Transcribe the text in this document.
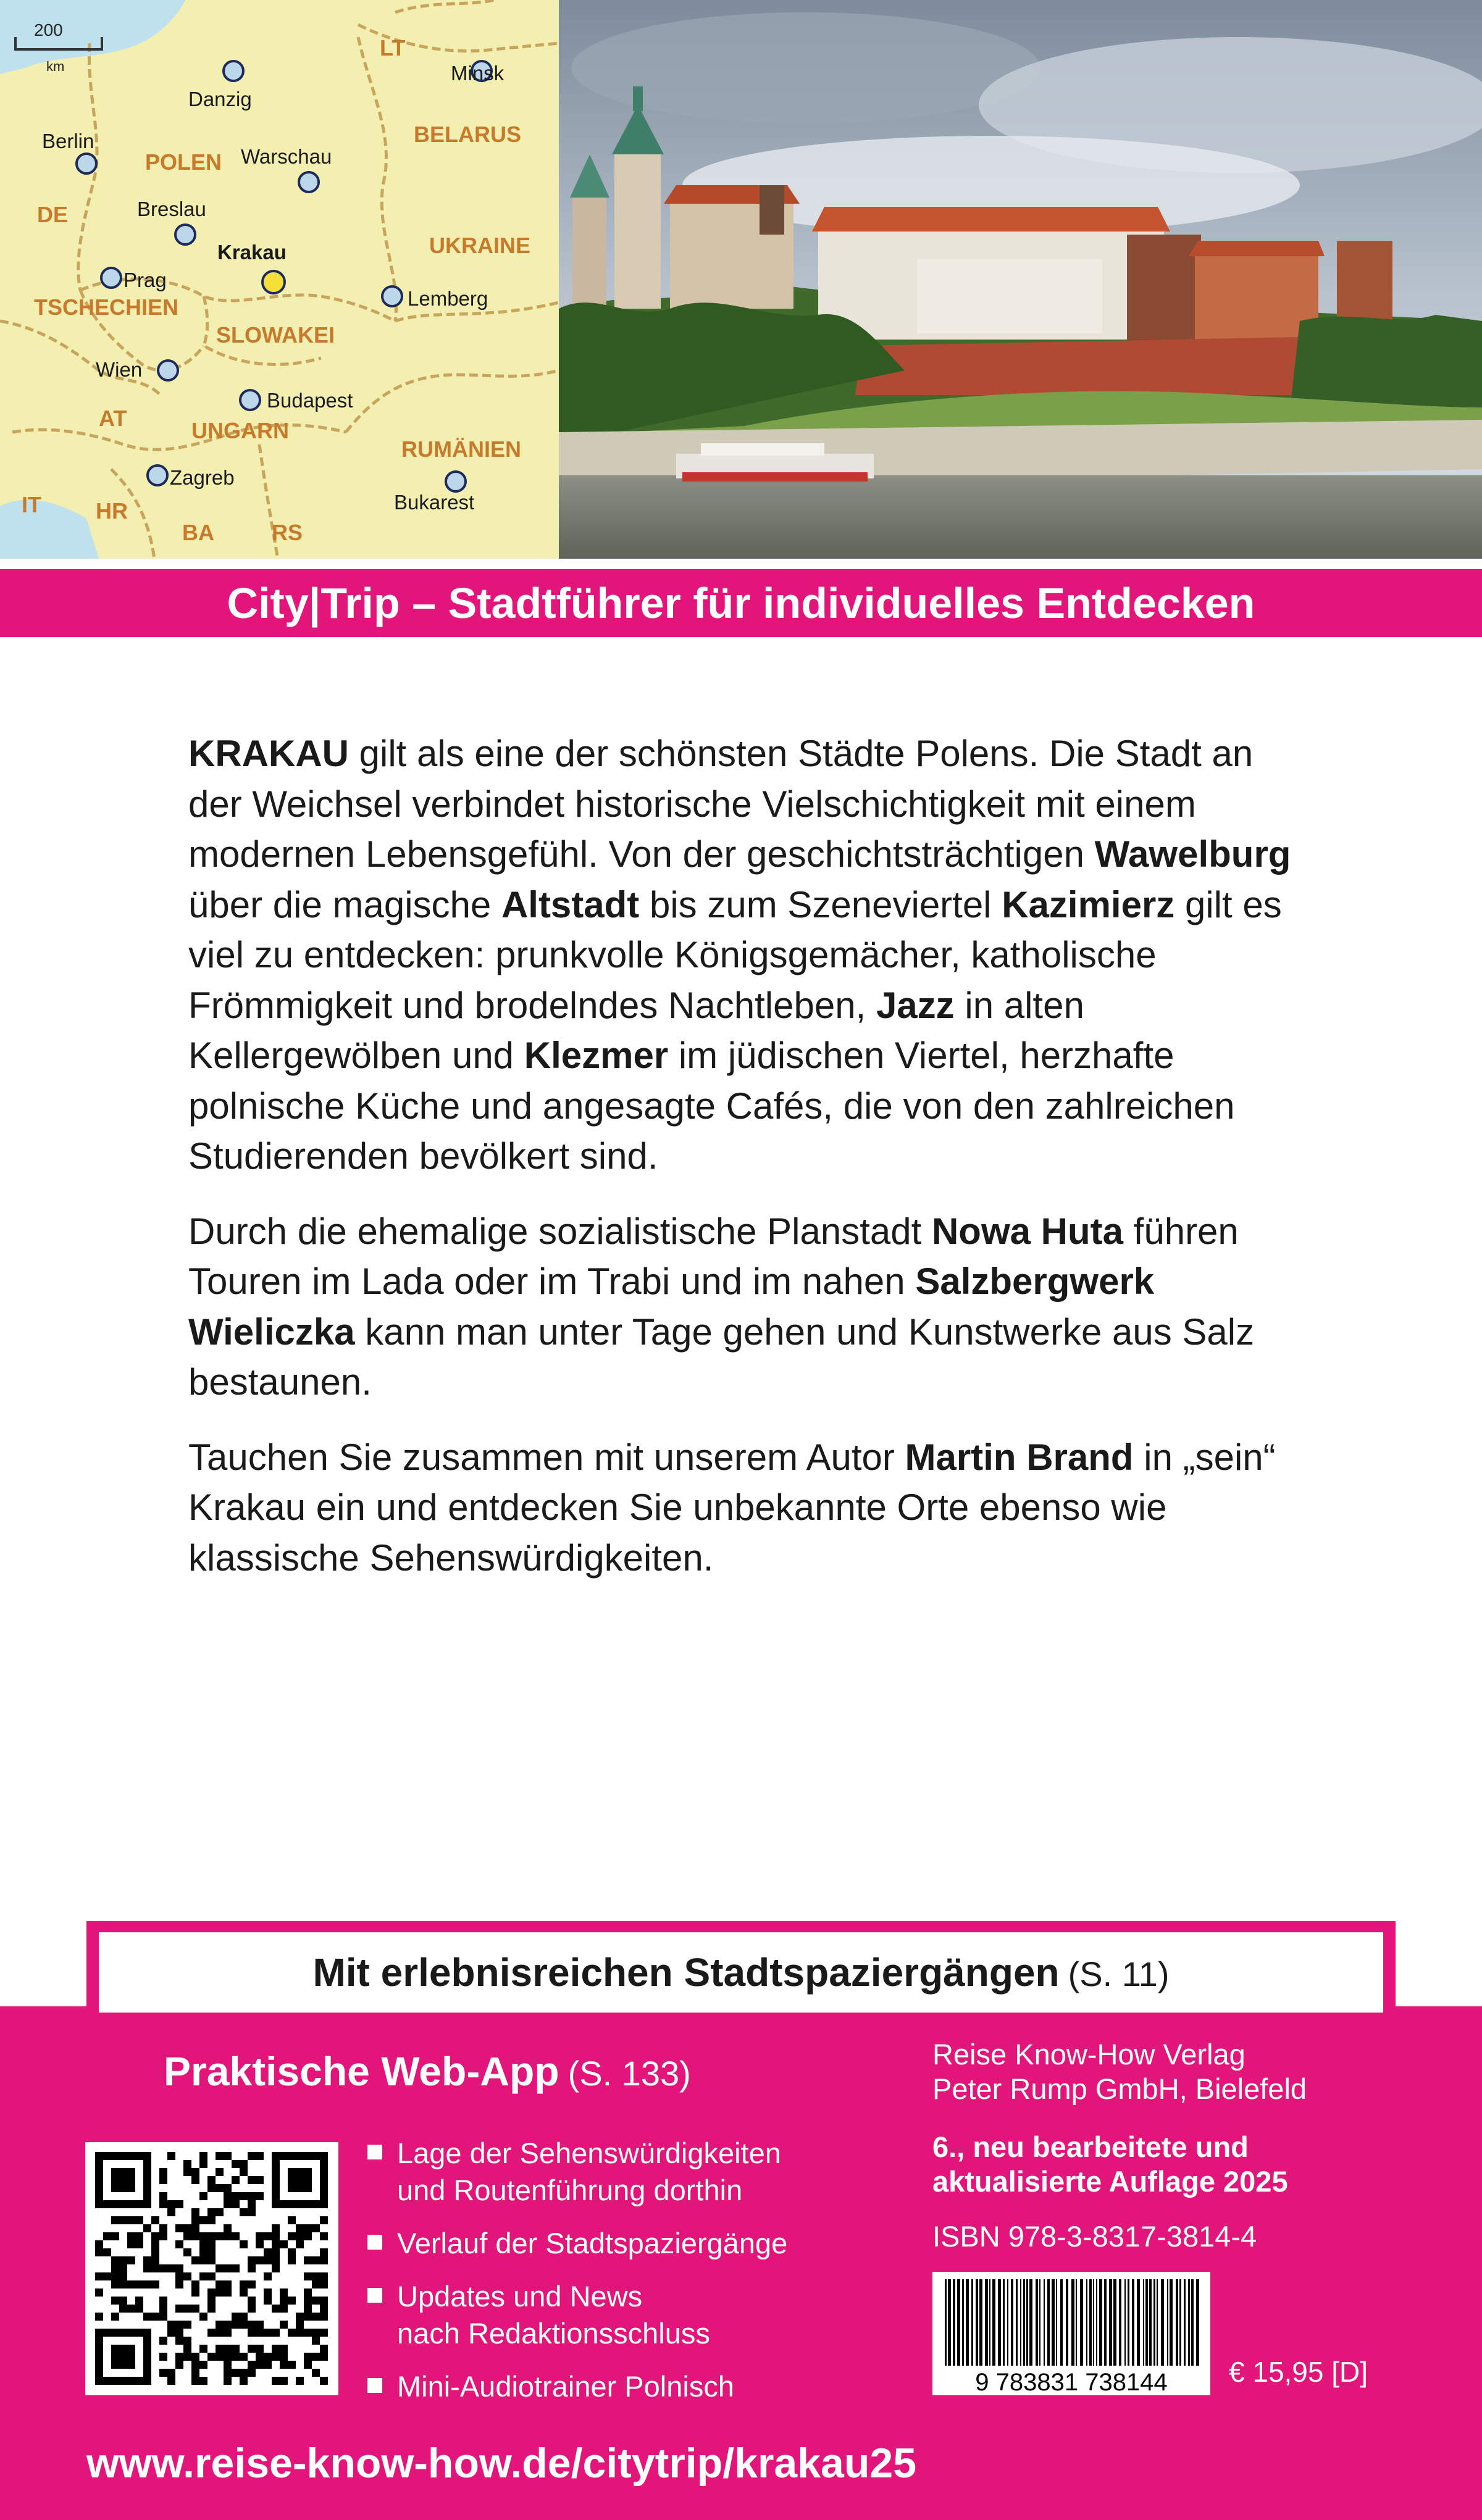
200
km
LT
BELARUS
POLEN
DE
UKRAINE
TSCHECHIEN
SLOWAKEI
AT	UNGARN
RUMÄNIEN
IT HR
BA	RS
Danzig
Minsk
Berlin
Warschau
Breslau
Krakau
Prag
Lemberg
Wien
Budapest
Zagreb
Bukarest
City|Trip – Stadtführer für individuelles Entdecken

KRAKAU gilt als eine der schönsten Städte Polens. Die Stadt an der Weichsel verbindet historische Vielschichtigkeit mit einem modernen Lebensgefühl. Von der geschichtsträchtigen Wawelburg über die magische Altstadt bis zum Szeneviertel Kazimierz gilt es viel zu entdecken: prunkvolle Königsgemächer, katholische Frömmigkeit und brodelndes Nachtleben, Jazz in alten Kellergewölben und Klezmer im jüdischen Viertel, herzhafte polnische Küche und angesagte Cafés, die von den zahlreichen Studierenden bevölkert sind.

Durch die ehemalige sozialistische Planstadt Nowa Huta führen Touren im Lada oder im Trabi und im nahen Salzbergwerk Wieliczka kann man unter Tage gehen und Kunstwerke aus Salz bestaunen.

Tauchen Sie zusammen mit unserem Autor Martin Brand in „sein“ Krakau ein und entdecken Sie unbekannte Orte ebenso wie klassische Sehenswürdigkeiten.

Mit erlebnisreichen Stadtspaziergängen (S. 11)
Praktische Web-App (S. 133)
Lage der Sehenswürdigkeiten
und Routenführung dorthin
Verlauf der Stadtspaziergänge
Updates und News
nach Redaktionsschluss
Mini-Audiotrainer Polnisch
Reise Know-How Verlag
Peter Rump GmbH, Bielefeld
6., neu bearbeitete und
aktualisierte Auflage 2025
ISBN 978-3-8317-3814-4
9 783831 738144 € 15,95 [D]
www.reise-know-how.de/citytrip/krakau25
